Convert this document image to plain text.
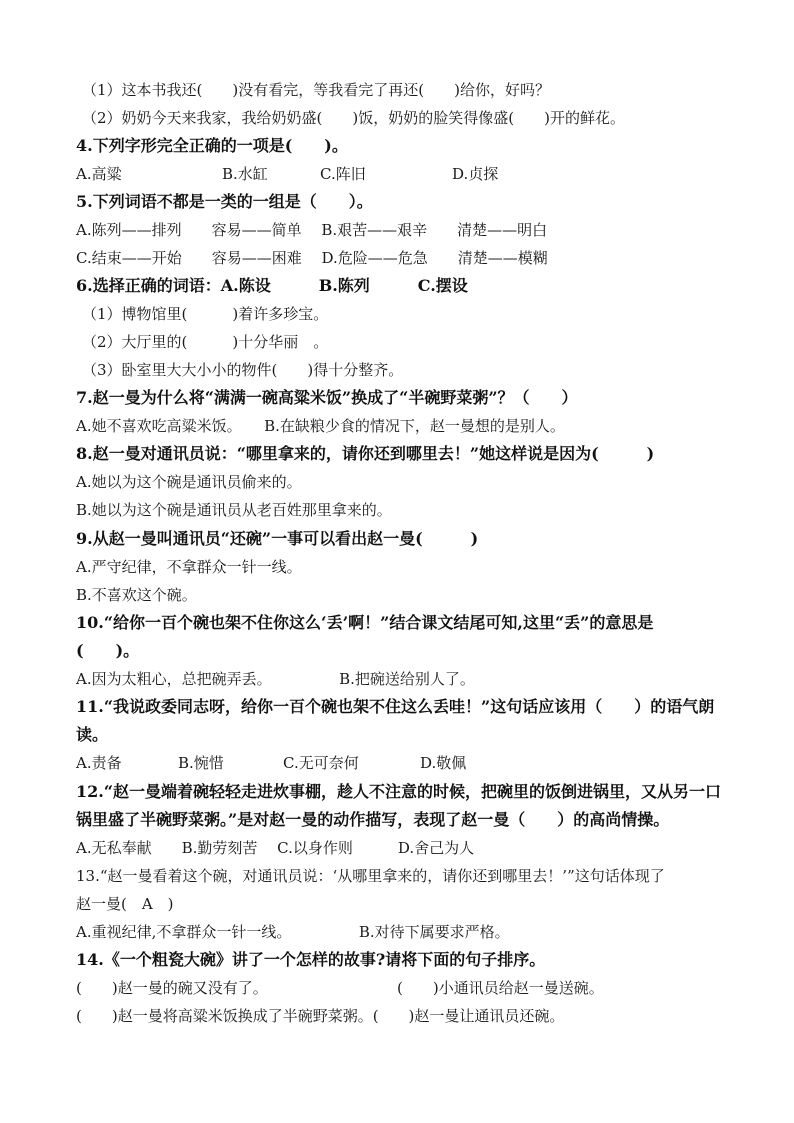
（1）这本书我还(　　)没有看完，等我看完了再还(　　)给你，好吗？
（2）奶奶今天来我家，我给奶奶盛(　　)饭，奶奶的脸笑得像盛(　　)开的鲜花。
4.下列字形完全正确的一项是(　　)。
A.高粱	B.水缸	C.阵旧	D.贞探
5.下列词语不都是一类的一组是（　　）。
A.陈列——排列　　容易——简单　 B.艰苦——艰辛　　清楚——明白
C.结束——开始　　容易——困难　 D.危险——危急　　清楚——模糊
6.选择正确的词语：A.陈设　　　B.陈列　　　C.摆设
（1）博物馆里(　　　)着许多珍宝。
（2）大厅里的(　　　)十分华丽　。
（3）卧室里大大小小的物件(　　)得十分整齐。
7.赵一曼为什么将“满满一碗高粱米饭”换成了“半碗野菜粥”？（　　）
A.她不喜欢吃高粱米饭。　　B.在缺粮少食的情况下，赵一曼想的是别人。
8.赵一曼对通讯员说：“哪里拿来的，请你还到哪里去！”她这样说是因为(　　　)
A.她以为这个碗是通讯员偷来的。
B.她以为这个碗是通讯员从老百姓那里拿来的。
9.从赵一曼叫通讯员“还碗”一事可以看出赵一曼(　　　)
A.严守纪律，不拿群众一针一线。
B.不喜欢这个碗。
10.“给你一百个碗也架不住你这么‘丢’啊！”结合课文结尾可知,这里“丢”的意思是
(　　)。
A.因为太粗心，总把碗弄丢。　　　　　B.把碗送给别人了。
11.“我说政委同志呀，给你一百个碗也架不住这么丢哇！”这句话应该用（　　）的语气朗
读。
A.责备	B.惋惜	C.无可奈何	D.敬佩
12.“赵一曼端着碗轻轻走进炊事棚，趁人不注意的时候，把碗里的饭倒进锅里，又从另一口
锅里盛了半碗野菜粥。”是对赵一曼的动作描写，表现了赵一曼（　　）的高尚情操。
A.无私奉献　　B.勤劳刻苦　 C.以身作则　　　D.舍己为人
13.“赵一曼看着这个碗，对通讯员说：‘从哪里拿来的，请你还到哪里去！’”这句话体现了
赵一曼(　A　)
A.重视纪律,不拿群众一针一线。　　　　　B.对待下属要求严格。
14.《一个粗瓷大碗》讲了一个怎样的故事?请将下面的句子排序。
(　　)赵一曼的碗又没有了。	(　　)小通讯员给赵一曼送碗。
(　　)赵一曼将高粱米饭换成了半碗野菜粥。(　　)赵一曼让通讯员还碗。
